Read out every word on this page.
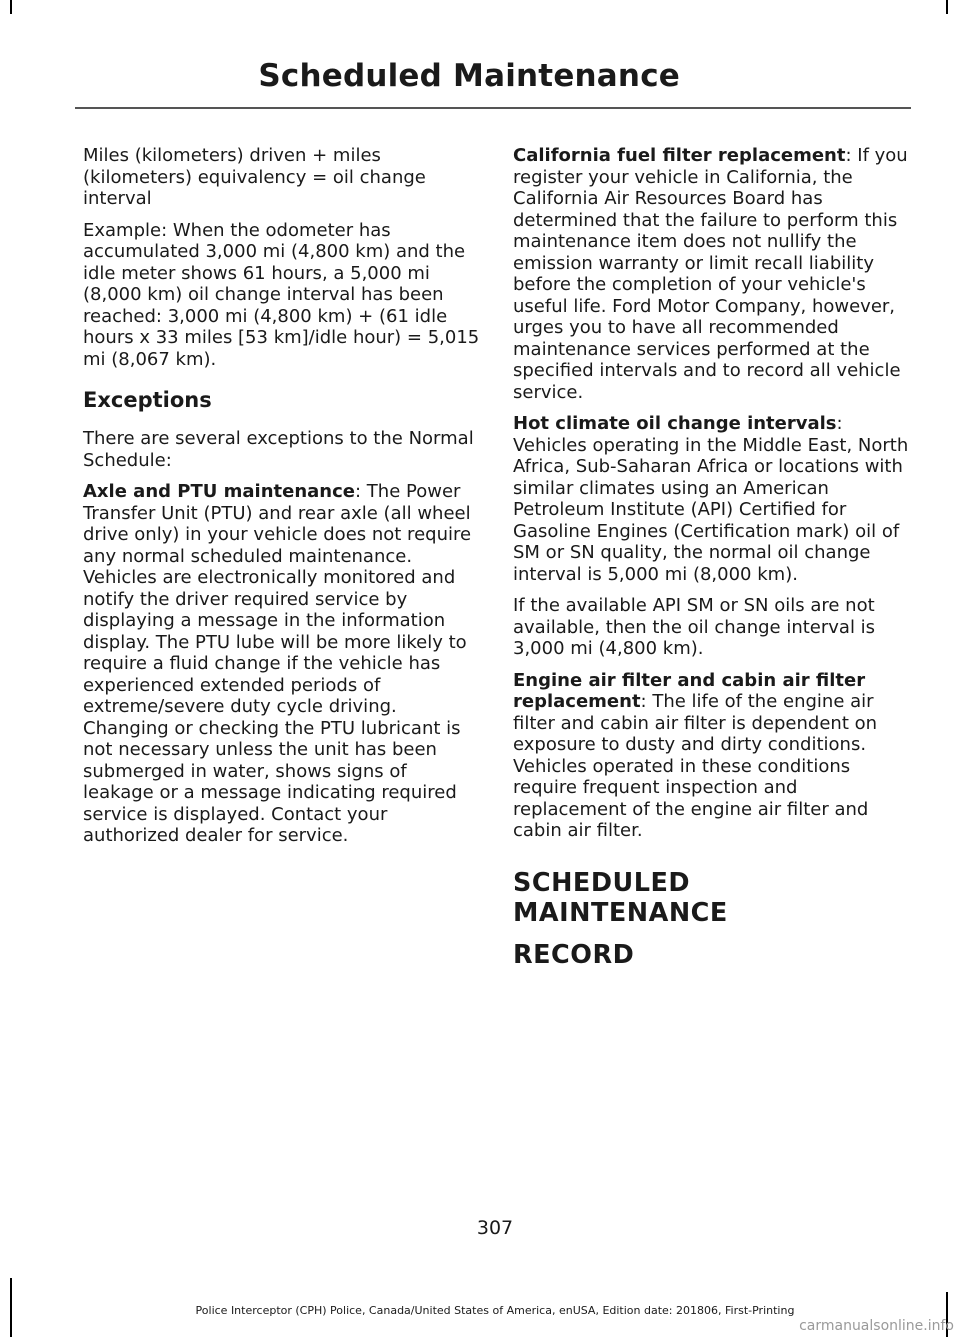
Scheduled Maintenance

Miles (kilometers) driven + miles (kilometers) equivalency = oil change interval

Example: When the odometer has accumulated 3,000 mi (4,800 km) and the idle meter shows 61 hours, a 5,000 mi (8,000 km) oil change interval has been reached: 3,000 mi (4,800 km) + (61 idle hours x 33 miles [53 km]/idle hour) = 5,015 mi (8,067 km).

Exceptions

There are several exceptions to the Normal Schedule:

Axle and PTU maintenance: The Power Transfer Unit (PTU) and rear axle (all wheel drive only) in your vehicle does not require any normal scheduled maintenance. Vehicles are electronically monitored and notify the driver required service by displaying a message in the information display. The PTU lube will be more likely to require a fluid change if the vehicle has experienced extended periods of extreme/severe duty cycle driving. Changing or checking the PTU lubricant is not necessary unless the unit has been submerged in water, shows signs of leakage or a message indicating required service is displayed. Contact your authorized dealer for service.

California fuel filter replacement: If you register your vehicle in California, the California Air Resources Board has determined that the failure to perform this maintenance item does not nullify the emission warranty or limit recall liability before the completion of your vehicle's useful life. Ford Motor Company, however, urges you to have all recommended maintenance services performed at the specified intervals and to record all vehicle service.

Hot climate oil change intervals: Vehicles operating in the Middle East, North Africa, Sub-Saharan Africa or locations with similar climates using an American Petroleum Institute (API) Certified for Gasoline Engines (Certification mark) oil of SM or SN quality, the normal oil change interval is 5,000 mi (8,000 km).

If the available API SM or SN oils are not available, then the oil change interval is 3,000 mi (4,800 km).

Engine air filter and cabin air filter replacement: The life of the engine air filter and cabin air filter is dependent on exposure to dusty and dirty conditions. Vehicles operated in these conditions require frequent inspection and replacement of the engine air filter and cabin air filter.

SCHEDULED MAINTENANCE
RECORD
307
Police Interceptor (CPH) Police, Canada/United States of America, enUSA, Edition date: 201806, First-Printing
carmanualsonline.info
